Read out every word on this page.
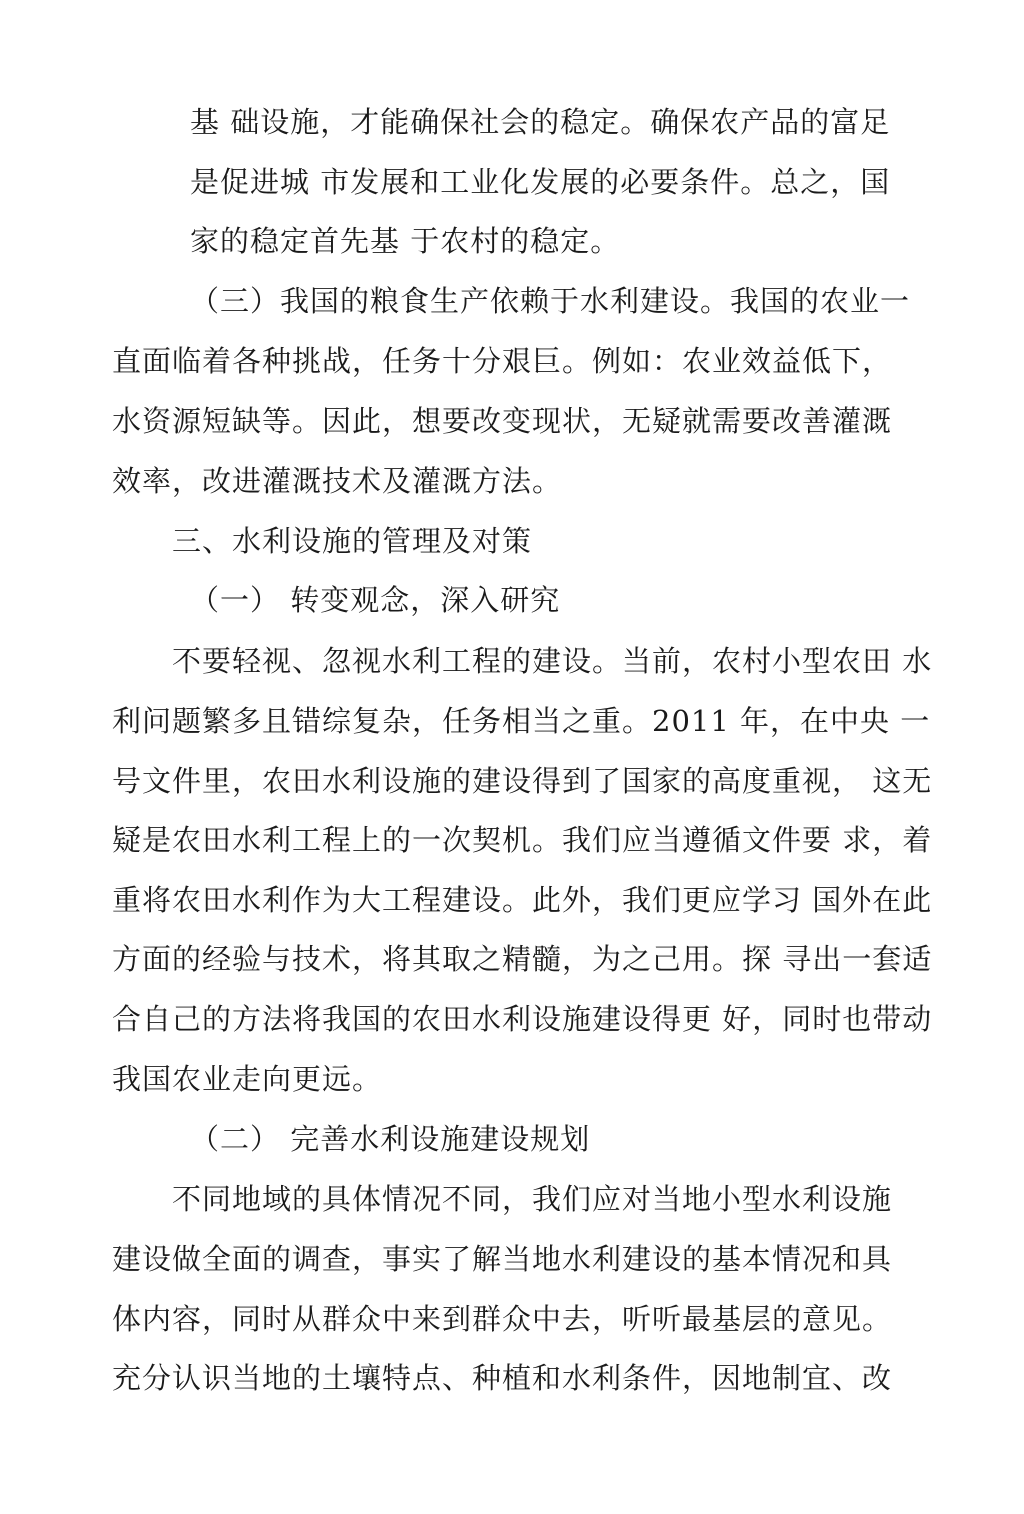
基 础设施，才能确保社会的稳定。确保农产品的富足
是促进城 市发展和工业化发展的必要条件。总之，国
家的稳定首先基 于农村的稳定。
（三）我国的粮食生产依赖于水利建设。我国的农业一
直面临着各种挑战，任务十分艰巨。例如：农业效益低下，
水资源短缺等。因此，想要改变现状，无疑就需要改善灌溉
效率，改进灌溉技术及灌溉方法。
三、水利设施的管理及对策
（一） 转变观念，深入研究
不要轻视、忽视水利工程的建设。当前，农村小型农田 水
利问题繁多且错综复杂，任务相当之重。2011 年，在中央 一
号文件里，农田水利设施的建设得到了国家的高度重视， 这无
疑是农田水利工程上的一次契机。我们应当遵循文件要 求，着
重将农田水利作为大工程建设。此外，我们更应学习 国外在此
方面的经验与技术，将其取之精髓，为之己用。探 寻出一套适
合自己的方法将我国的农田水利设施建设得更 好，同时也带动
我国农业走向更远。
（二） 完善水利设施建设规划
不同地域的具体情况不同，我们应对当地小型水利设施
建设做全面的调查，事实了解当地水利建设的基本情况和具
体内容，同时从群众中来到群众中去，听听最基层的意见。
充分认识当地的土壤特点、种植和水利条件，因地制宜、改
